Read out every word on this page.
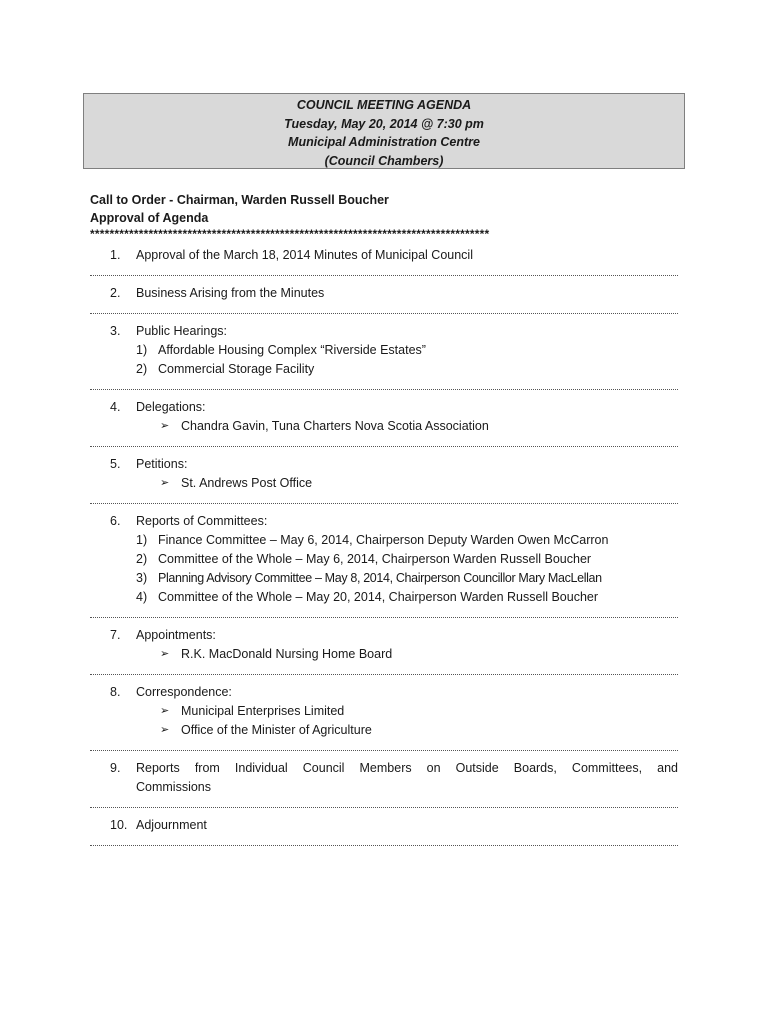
COUNCIL MEETING AGENDA
Tuesday, May 20, 2014 @ 7:30 pm
Municipal Administration Centre
(Council Chambers)
Call to Order - Chairman, Warden Russell Boucher
Approval of Agenda
**********************************************************************************
1. Approval of the March 18, 2014 Minutes of Municipal Council
2. Business Arising from the Minutes
3. Public Hearings:
1) Affordable Housing Complex “Riverside Estates”
2) Commercial Storage Facility
4. Delegations:
➢ Chandra Gavin, Tuna Charters Nova Scotia Association
5. Petitions:
➢ St. Andrews Post Office
6. Reports of Committees:
1) Finance Committee – May 6, 2014, Chairperson Deputy Warden Owen McCarron
2) Committee of the Whole – May 6, 2014, Chairperson Warden Russell Boucher
3) Planning Advisory Committee – May 8, 2014, Chairperson Councillor Mary MacLellan
4) Committee of the Whole – May 20, 2014, Chairperson Warden Russell Boucher
7. Appointments:
➢ R.K. MacDonald Nursing Home Board
8. Correspondence:
➢ Municipal Enterprises Limited
➢ Office of the Minister of Agriculture
9. Reports from Individual Council Members on Outside Boards, Committees, and
Commissions
10. Adjournment
